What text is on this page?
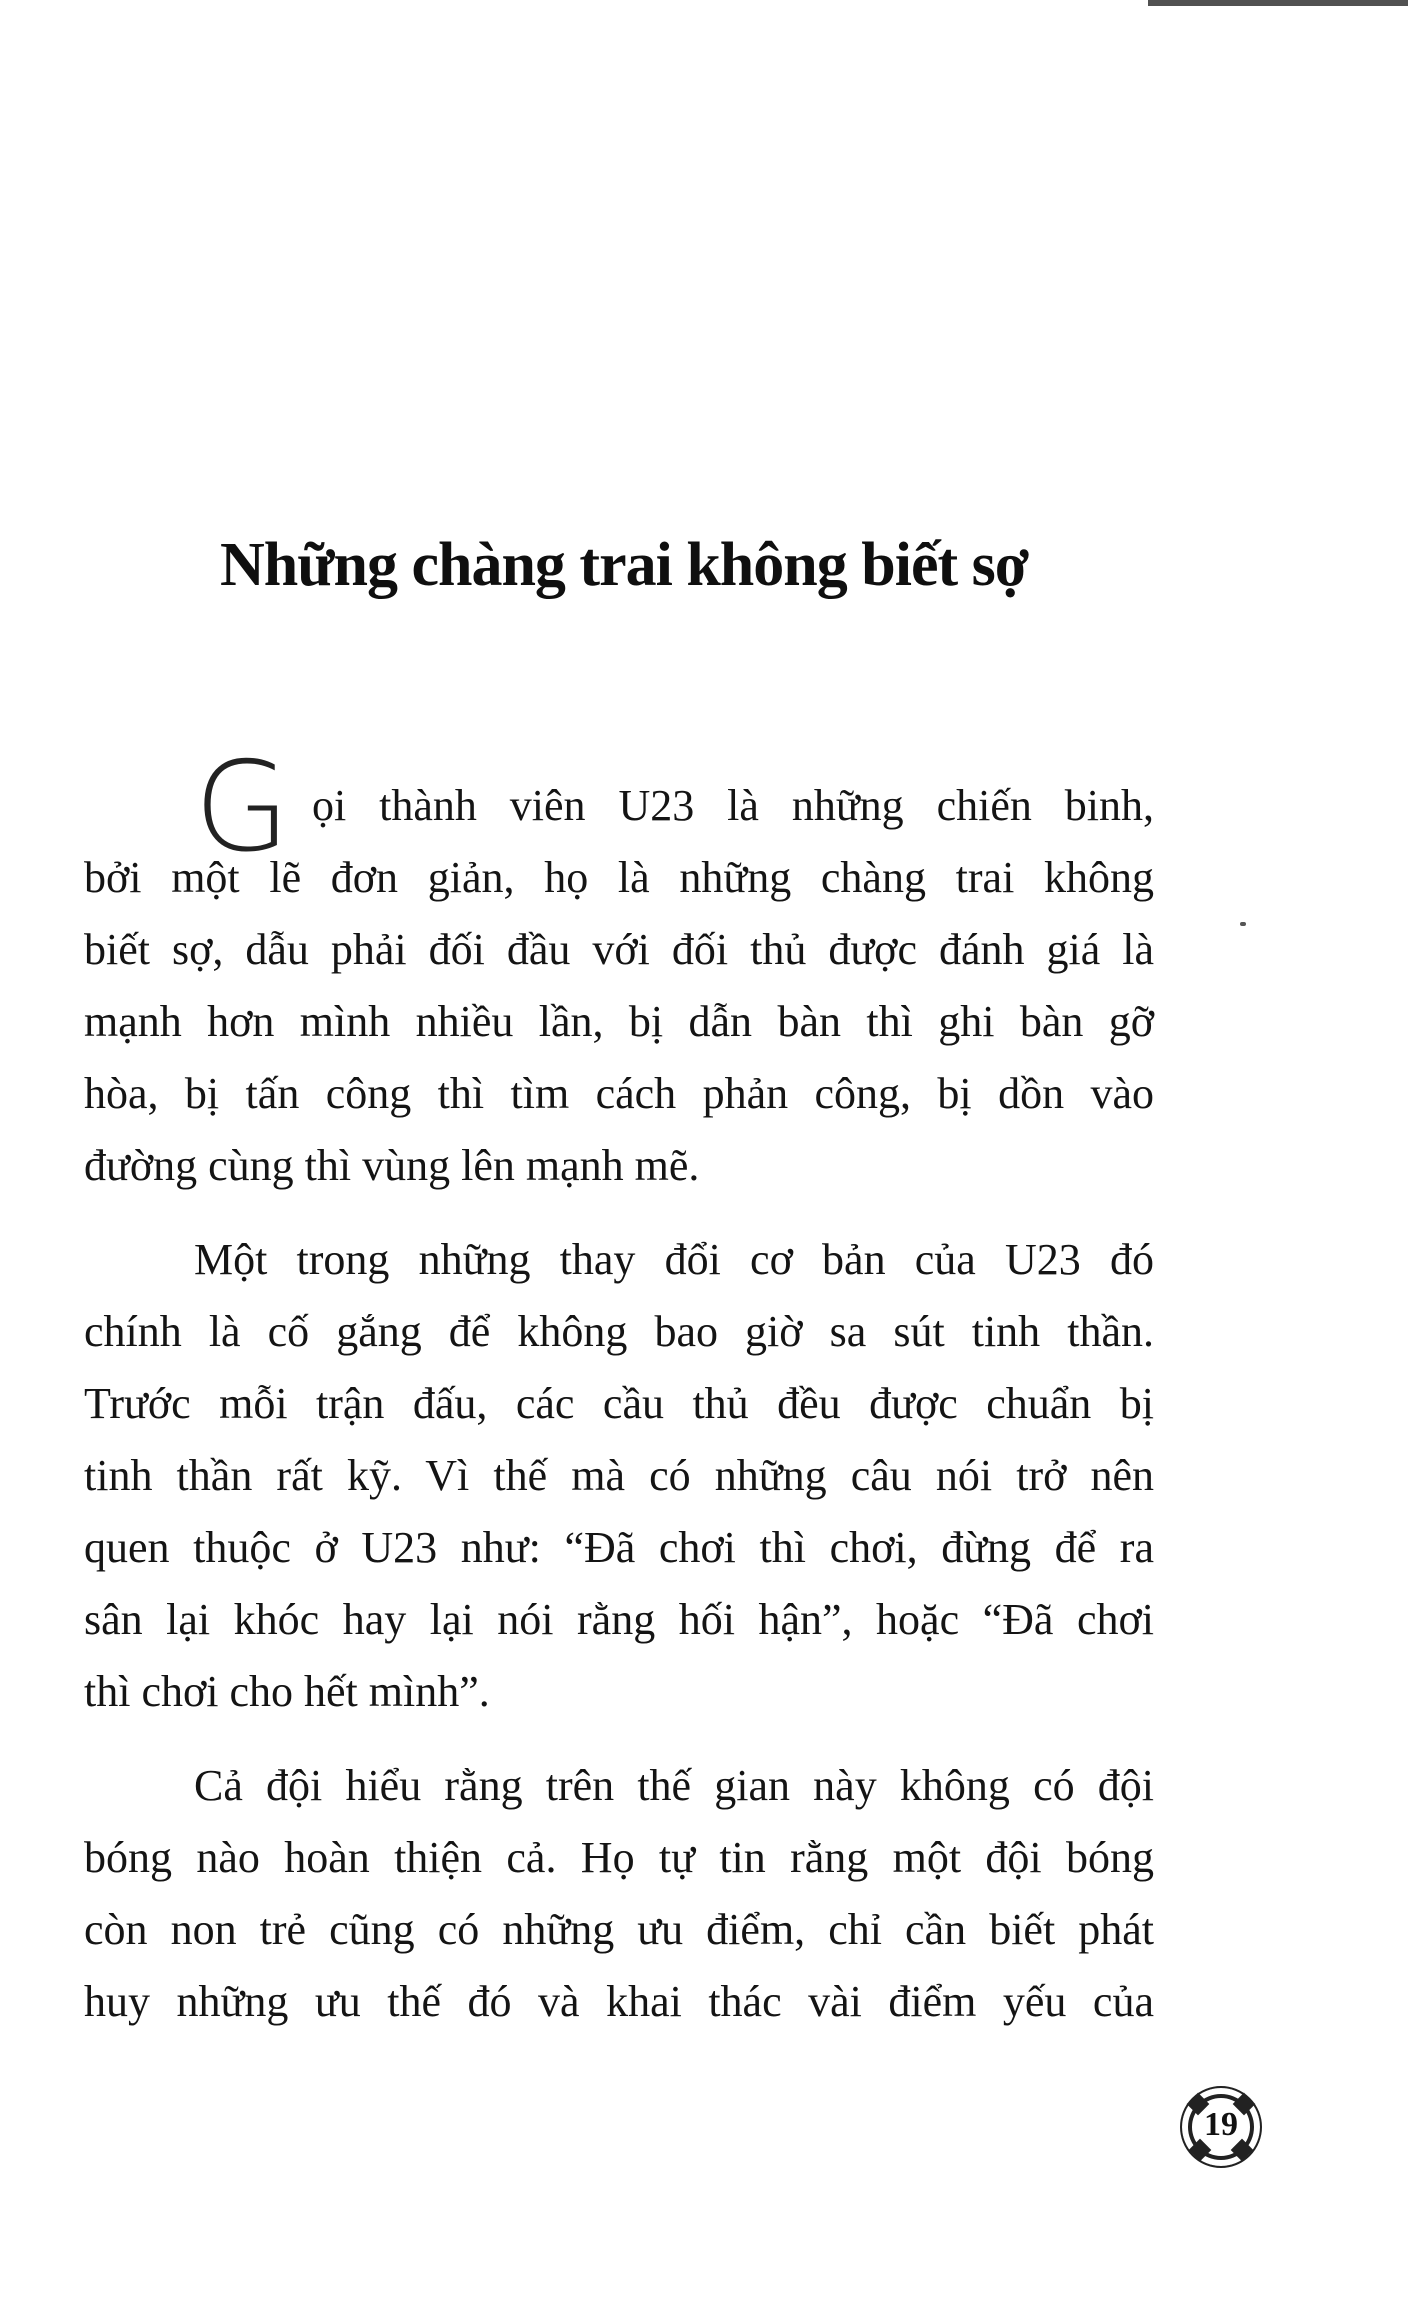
Những chàng trai không biết sợ
G ọi thành viên U23 là những chiến binh,
bởi một lẽ đơn giản, họ là những chàng trai không
biết sợ, dẫu phải đối đầu với đối thủ được đánh giá là
mạnh hơn mình nhiều lần, bị dẫn bàn thì ghi bàn gỡ
hòa, bị tấn công thì tìm cách phản công, bị dồn vào
đường cùng thì vùng lên mạnh mẽ.
Một trong những thay đổi cơ bản của U23 đó
chính là cố gắng để không bao giờ sa sút tinh thần.
Trước mỗi trận đấu, các cầu thủ đều được chuẩn bị
tinh thần rất kỹ. Vì thế mà có những câu nói trở nên
quen thuộc ở U23 như: “Đã chơi thì chơi, đừng để ra
sân lại khóc hay lại nói rằng hối hận”, hoặc “Đã chơi
thì chơi cho hết mình”.
Cả đội hiểu rằng trên thế gian này không có đội
bóng nào hoàn thiện cả. Họ tự tin rằng một đội bóng
còn non trẻ cũng có những ưu điểm, chỉ cần biết phát
huy những ưu thế đó và khai thác vài điểm yếu của
19
